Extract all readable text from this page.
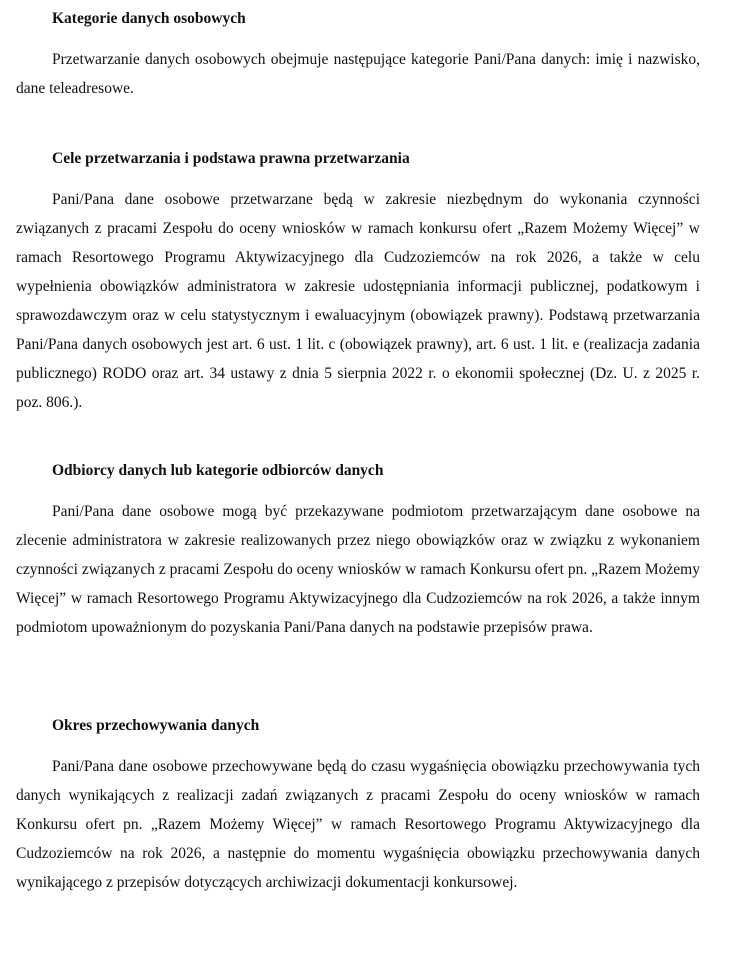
Kategorie danych osobowych

Przetwarzanie danych osobowych obejmuje następujące kategorie Pani/Pana danych: imię i nazwisko, dane teleadresowe.

Cele przetwarzania i podstawa prawna przetwarzania

Pani/Pana dane osobowe przetwarzane będą w zakresie niezbędnym do wykonania czynności związanych z pracami Zespołu do oceny wniosków w ramach konkursu ofert „Razem Możemy Więcej” w ramach Resortowego Programu Aktywizacyjnego dla Cudzoziemców na rok 2026, a także w celu wypełnienia obowiązków administratora w zakresie udostępniania informacji publicznej, podatkowym i sprawozdawczym oraz w celu statystycznym i ewaluacyjnym (obowiązek prawny). Podstawą przetwarzania Pani/Pana danych osobowych jest art. 6 ust. 1 lit. c (obowiązek prawny), art. 6 ust. 1 lit. e (realizacja zadania publicznego) RODO oraz art. 34 ustawy z dnia 5 sierpnia 2022 r. o ekonomii społecznej (Dz. U. z 2025 r. poz. 806.).

Odbiorcy danych lub kategorie odbiorców danych

Pani/Pana dane osobowe mogą być przekazywane podmiotom przetwarzającym dane osobowe na zlecenie administratora w zakresie realizowanych przez niego obowiązków oraz w związku z wykonaniem czynności związanych z pracami Zespołu do oceny wniosków w ramach Konkursu ofert pn. „Razem Możemy Więcej” w ramach Resortowego Programu Aktywizacyjnego dla Cudzoziemców na rok 2026, a także innym podmiotom upoważnionym do pozyskania Pani/Pana danych na podstawie przepisów prawa.

Okres przechowywania danych

Pani/Pana dane osobowe przechowywane będą do czasu wygaśnięcia obowiązku przechowywania tych danych wynikających z realizacji zadań związanych z pracami Zespołu do oceny wniosków w ramach Konkursu ofert pn. „Razem Możemy Więcej” w ramach Resortowego Programu Aktywizacyjnego dla Cudzoziemców na rok 2026, a następnie do momentu wygaśnięcia obowiązku przechowywania danych wynikającego z przepisów dotyczących archiwizacji dokumentacji konkursowej.
